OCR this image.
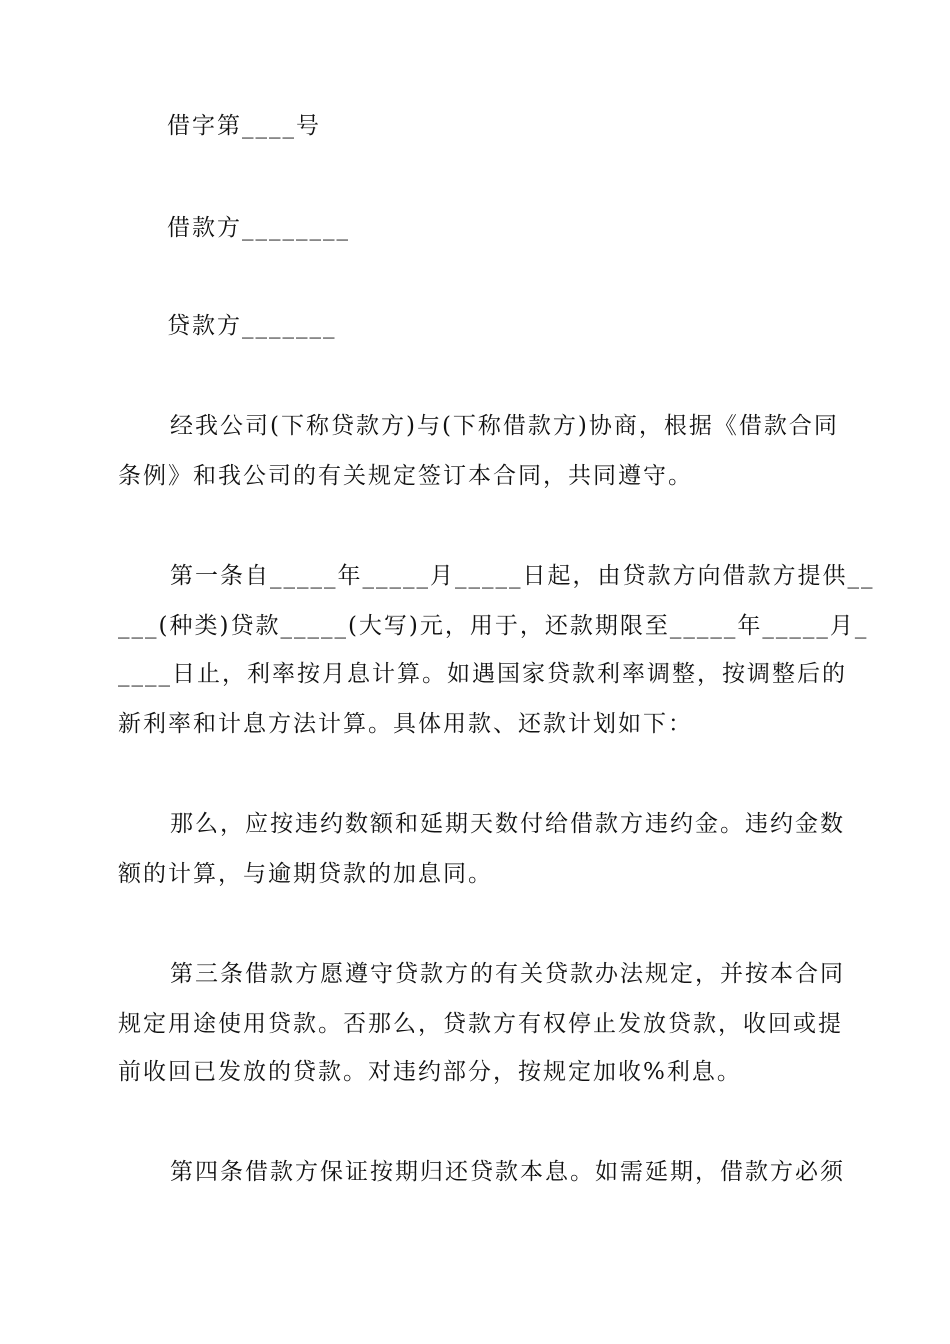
借字第____号
借款方________
贷款方_______
经我公司(下称贷款方)与(下称借款方)协商，根据《借款合同
条例》和我公司的有关规定签订本合同，共同遵守。
第一条自_____年_____月_____日起，由贷款方向借款方提供__
___(种类)贷款_____(大写)元，用于，还款期限至_____年_____月_
____日止，利率按月息计算。如遇国家贷款利率调整，按调整后的
新利率和计息方法计算。具体用款、还款计划如下：
那么，应按违约数额和延期天数付给借款方违约金。违约金数
额的计算，与逾期贷款的加息同。
第三条借款方愿遵守贷款方的有关贷款办法规定，并按本合同
规定用途使用贷款。否那么，贷款方有权停止发放贷款，收回或提
前收回已发放的贷款。对违约部分，按规定加收%利息。
第四条借款方保证按期归还贷款本息。如需延期，借款方必须
